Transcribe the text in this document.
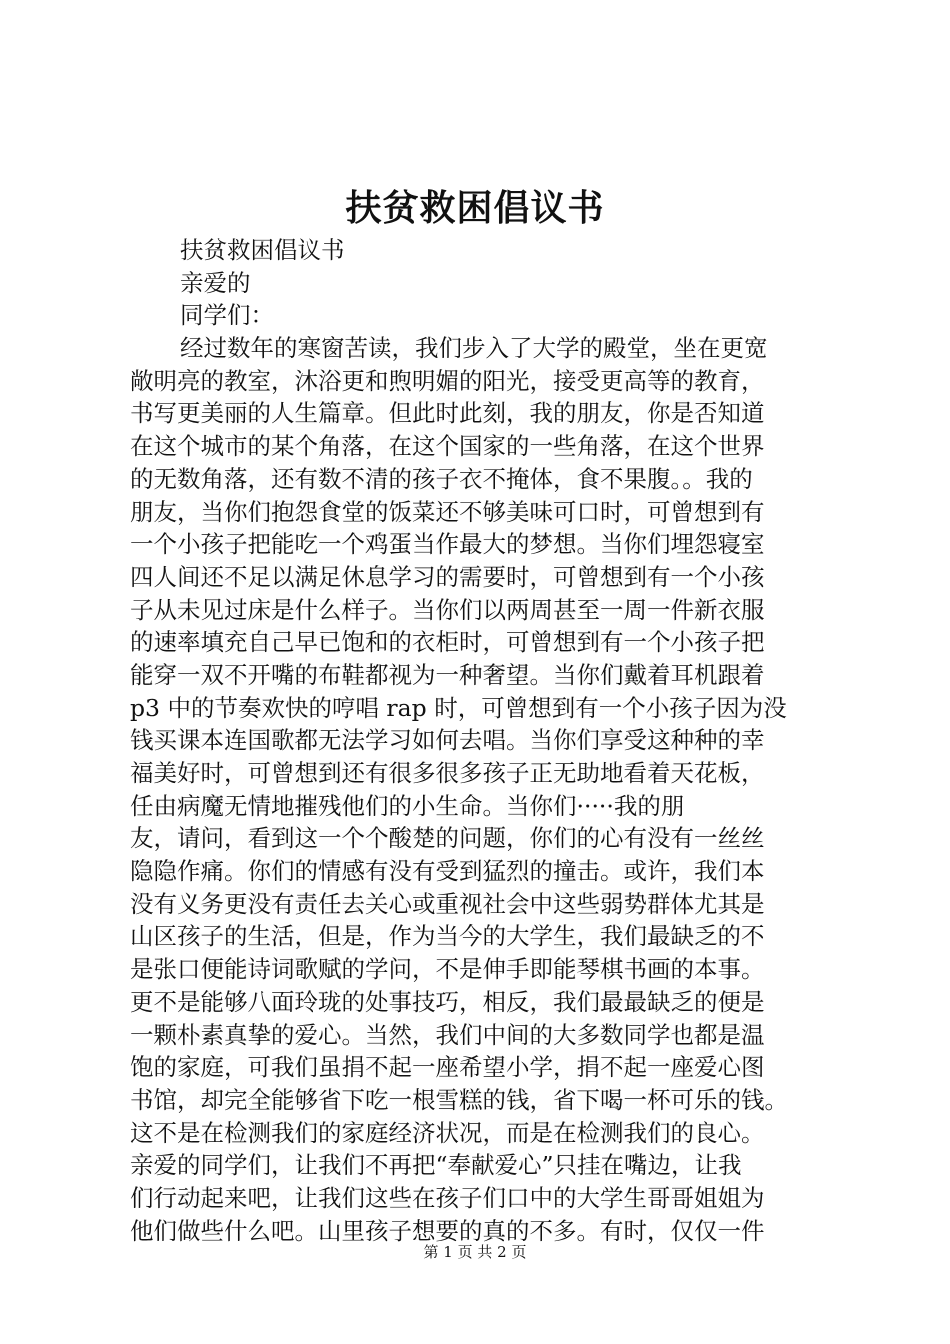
扶贫救困倡议书
扶贫救困倡议书
亲爱的
同学们：
经过数年的寒窗苦读，我们步入了大学的殿堂，坐在更宽
敞明亮的教室，沐浴更和煦明媚的阳光，接受更高等的教育，
书写更美丽的人生篇章。但此时此刻，我的朋友，你是否知道
在这个城市的某个角落，在这个国家的一些角落，在这个世界
的无数角落，还有数不清的孩子衣不掩体，食不果腹。。我的
朋友，当你们抱怨食堂的饭菜还不够美味可口时，可曾想到有
一个小孩子把能吃一个鸡蛋当作最大的梦想。当你们埋怨寝室
四人间还不足以满足休息学习的需要时，可曾想到有一个小孩
子从未见过床是什么样子。当你们以两周甚至一周一件新衣服
的速率填充自己早已饱和的衣柜时，可曾想到有一个小孩子把
能穿一双不开嘴的布鞋都视为一种奢望。当你们戴着耳机跟着
p3 中的节奏欢快的哼唱 rap 时，可曾想到有一个小孩子因为没
钱买课本连国歌都无法学习如何去唱。当你们享受这种种的幸
福美好时，可曾想到还有很多很多孩子正无助地看着天花板，
任由病魔无情地摧残他们的小生命。当你们·····我的朋
友，请问，看到这一个个酸楚的问题，你们的心有没有一丝丝
隐隐作痛。你们的情感有没有受到猛烈的撞击。或许，我们本
没有义务更没有责任去关心或重视社会中这些弱势群体尤其是
山区孩子的生活，但是，作为当今的大学生，我们最缺乏的不
是张口便能诗词歌赋的学问，不是伸手即能琴棋书画的本事。
更不是能够八面玲珑的处事技巧，相反，我们最最缺乏的便是
一颗朴素真挚的爱心。当然，我们中间的大多数同学也都是温
饱的家庭，可我们虽捐不起一座希望小学，捐不起一座爱心图
书馆，却完全能够省下吃一根雪糕的钱，省下喝一杯可乐的钱。
这不是在检测我们的家庭经济状况，而是在检测我们的良心。
亲爱的同学们，让我们不再把“奉献爱心”只挂在嘴边，让我
们行动起来吧，让我们这些在孩子们口中的大学生哥哥姐姐为
他们做些什么吧。山里孩子想要的真的不多。有时，仅仅一件
第 1 页 共 2 页
